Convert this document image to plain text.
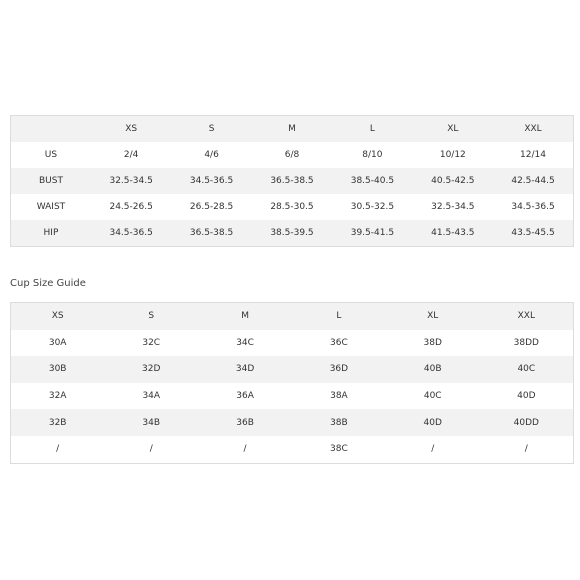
	XS	S	M	L	XL	XXL
US	2/4	4/6	6/8	8/10	10/12	12/14
BUST	32.5-34.5	34.5-36.5	36.5-38.5	38.5-40.5	40.5-42.5	42.5-44.5
WAIST	24.5-26.5	26.5-28.5	28.5-30.5	30.5-32.5	32.5-34.5	34.5-36.5
HIP	34.5-36.5	36.5-38.5	38.5-39.5	39.5-41.5	41.5-43.5	43.5-45.5
Cup Size Guide
XS	S	M	L	XL	XXL
30A	32C	34C	36C	38D	38DD
30B	32D	34D	36D	40B	40C
32A	34A	36A	38A	40C	40D
32B	34B	36B	38B	40D	40DD
/	/	/	38C	/	/
